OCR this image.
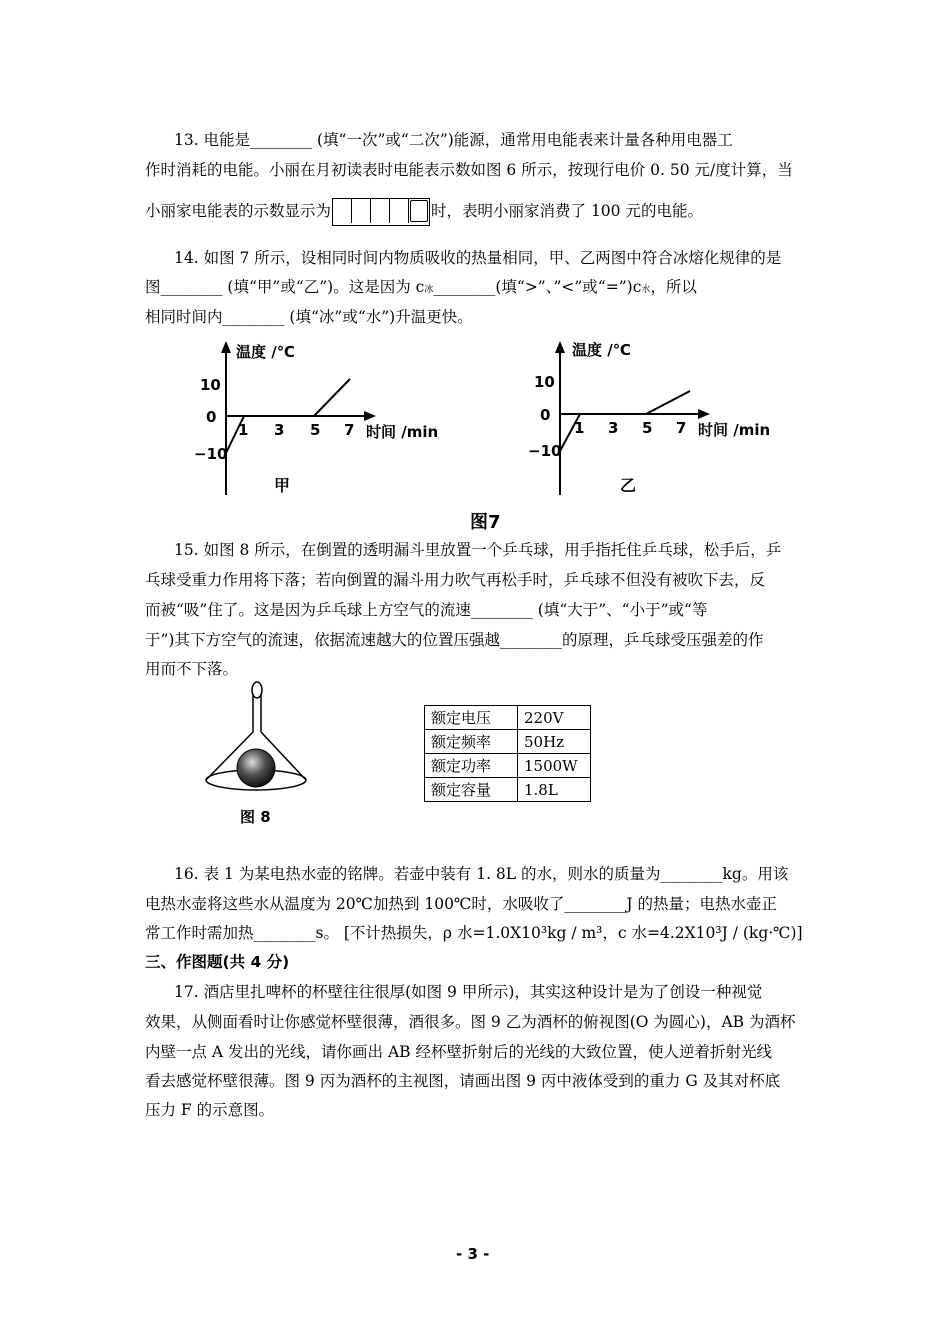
13. 电能是________ (填“一次”或“二次”)能源，通常用电能表来计量各种用电器工
作时消耗的电能。小丽在月初读表时电能表示数如图 6 所示，按现行电价 0. 50 元/度计算，当
小丽家电能表的示数显示为	时，表明小丽家消费了 100 元的电能。
14. 如图 7 所示，设相同时间内物质吸收的热量相同，甲、乙两图中符合冰熔化规律的是
图________ (填“甲”或“乙”)。这是因为 c冰________(填“>”、”<”或“=”)c水，所以
相同时间内________ (填“冰”或“水”)升温更快。
温度 /℃
10
0
−10
1 3 5 7 时间 /min
甲
温度 /℃
10
0
−10
1 3 5 7 时间 /min
乙
图7
15. 如图 8 所示，在倒置的透明漏斗里放置一个乒乓球，用手指托住乒乓球，松手后，乒
乓球受重力作用将下落；若向倒置的漏斗用力吹气再松手时，乒乓球不但没有被吹下去，反
而被“吸”住了。这是因为乒乓球上方空气的流速________ (填“大于”、“小于”或“等
于”)其下方空气的流速，依据流速越大的位置压强越________的原理，乒乓球受压强差的作
用而不下落。
图 8
额定电压	220V
额定频率	50Hz
额定功率	1500W
额定容量	1.8L
16. 表 1 为某电热水壶的铭牌。若壶中装有 1. 8L 的水，则水的质量为________kg。用该
电热水壶将这些水从温度为 20℃加热到 100℃时，水吸收了________J 的热量；电热水壶正
常工作时需加热________s。 [不计热损失，ρ 水=1.0X10³kg / m³，c 水=4.2X10³J / (kg·℃)]
三、作图题(共 4 分)
17. 酒店里扎啤杯的杯壁往往很厚(如图 9 甲所示)，其实这种设计是为了创设一种视觉
效果，从侧面看时让你感觉杯壁很薄，酒很多。图 9 乙为酒杯的俯视图(O 为圆心)，AB 为酒杯
内壁一点 A 发出的光线，请你画出 AB 经杯壁折射后的光线的大致位置，使人逆着折射光线
看去感觉杯壁很薄。图 9 丙为酒杯的主视图，请画出图 9 丙中液体受到的重力 G 及其对杯底
压力 F 的示意图。
- 3 -
